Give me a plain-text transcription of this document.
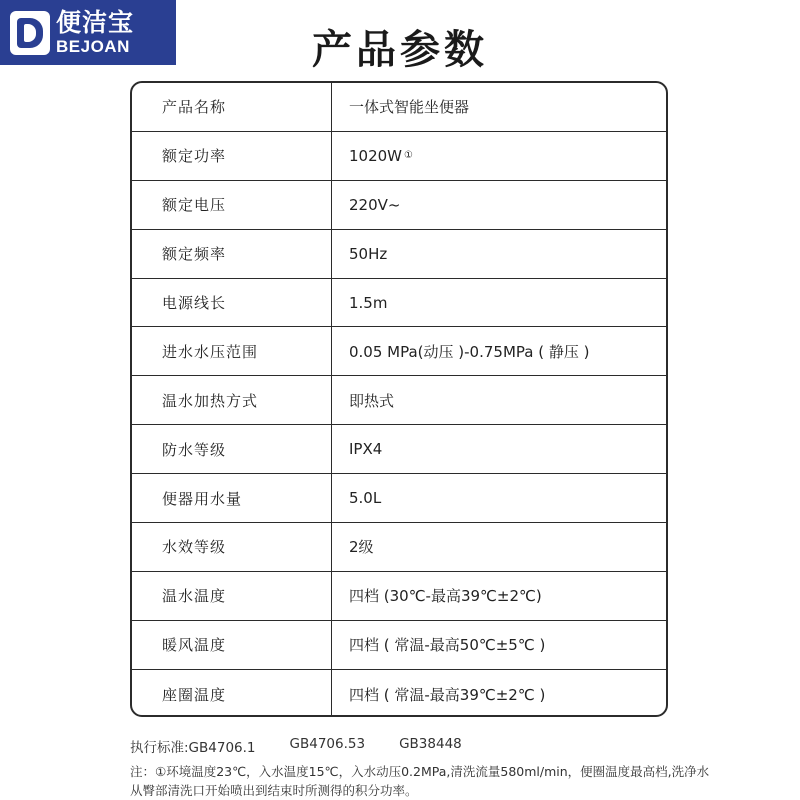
便洁宝
BEJOAN	产品参数
产品名称	一体式智能坐便器
额定功率	1020W ①
额定电压	220V~
额定频率	50Hz
电源线长	1.5m
进水水压范围	0.05 MPa(动压 )-0.75MPa ( 静压 )
温水加热方式	即热式
防水等级	IPX4
便器用水量	5.0L
水效等级	2级
温水温度	四档 (30℃-最高39℃±2℃)
暖风温度	四档 ( 常温-最高50℃±5℃ )
座圈温度	四档 ( 常温-最高39℃±2℃ )
执行标准:GB4706.1	GB4706.53	GB38448
注：①环境温度23℃，入水温度15℃，入水动压0.2MPa,清洗流量580ml/min，便圈温度最高档,洗净水从臀部清洗口开始喷出到结束时所测得的积分功率。
